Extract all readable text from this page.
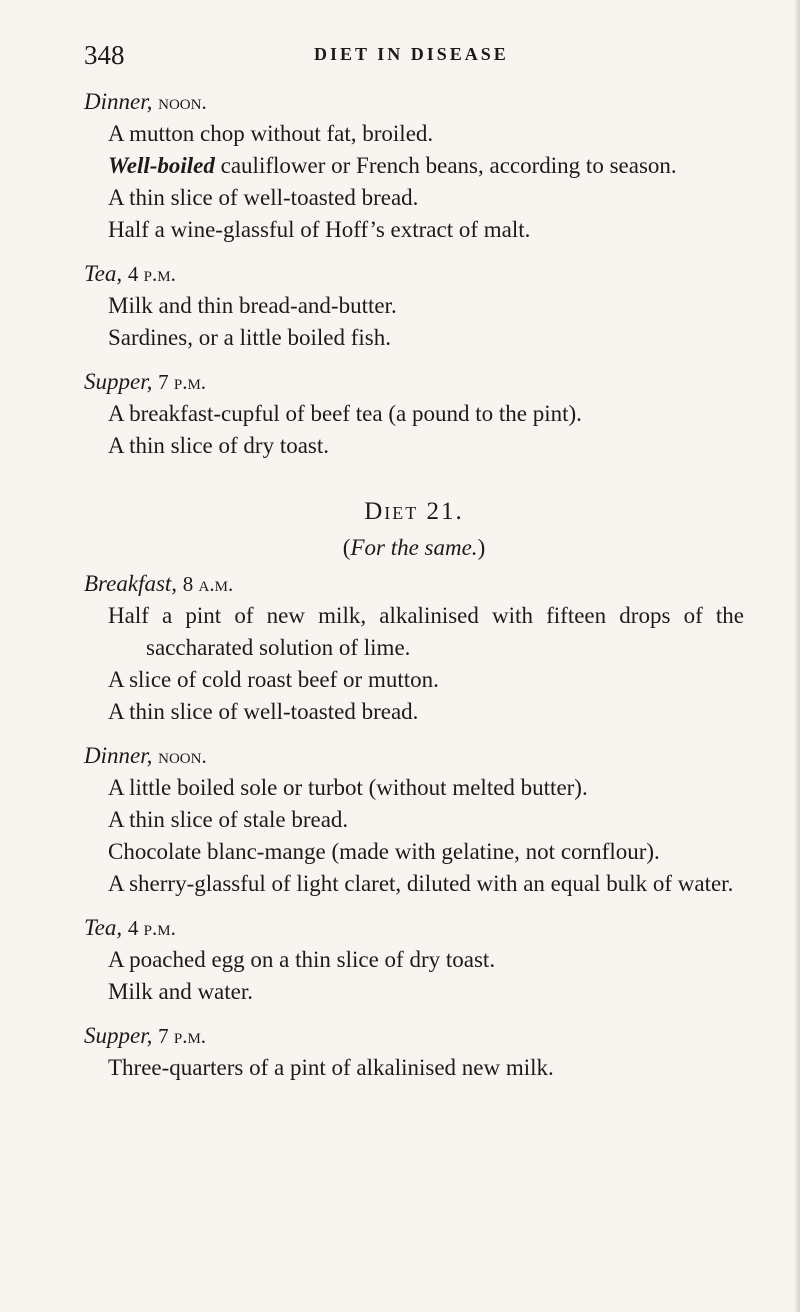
348	DIET IN DISEASE

Dinner, noon.

A mutton chop without fat, broiled.

Well-boiled cauliflower or French beans, according to season.

A thin slice of well-toasted bread.

Half a wine-glassful of Hoff’s extract of malt.

Tea, 4 p.m.

Milk and thin bread-and-butter.

Sardines, or a little boiled fish.

Supper, 7 p.m.

A breakfast-cupful of beef tea (a pound to the pint).

A thin slice of dry toast.

Diet 21.

(For the same.)

Breakfast, 8 a.m.

Half a pint of new milk, alkalinised with fifteen drops of the saccharated solution of lime.

A slice of cold roast beef or mutton.

A thin slice of well-toasted bread.

Dinner, noon.

A little boiled sole or turbot (without melted butter).

A thin slice of stale bread.

Chocolate blanc-mange (made with gelatine, not cornflour).

A sherry-glassful of light claret, diluted with an equal bulk of water.

Tea, 4 p.m.

A poached egg on a thin slice of dry toast.

Milk and water.

Supper, 7 p.m.

Three-quarters of a pint of alkalinised new milk.
